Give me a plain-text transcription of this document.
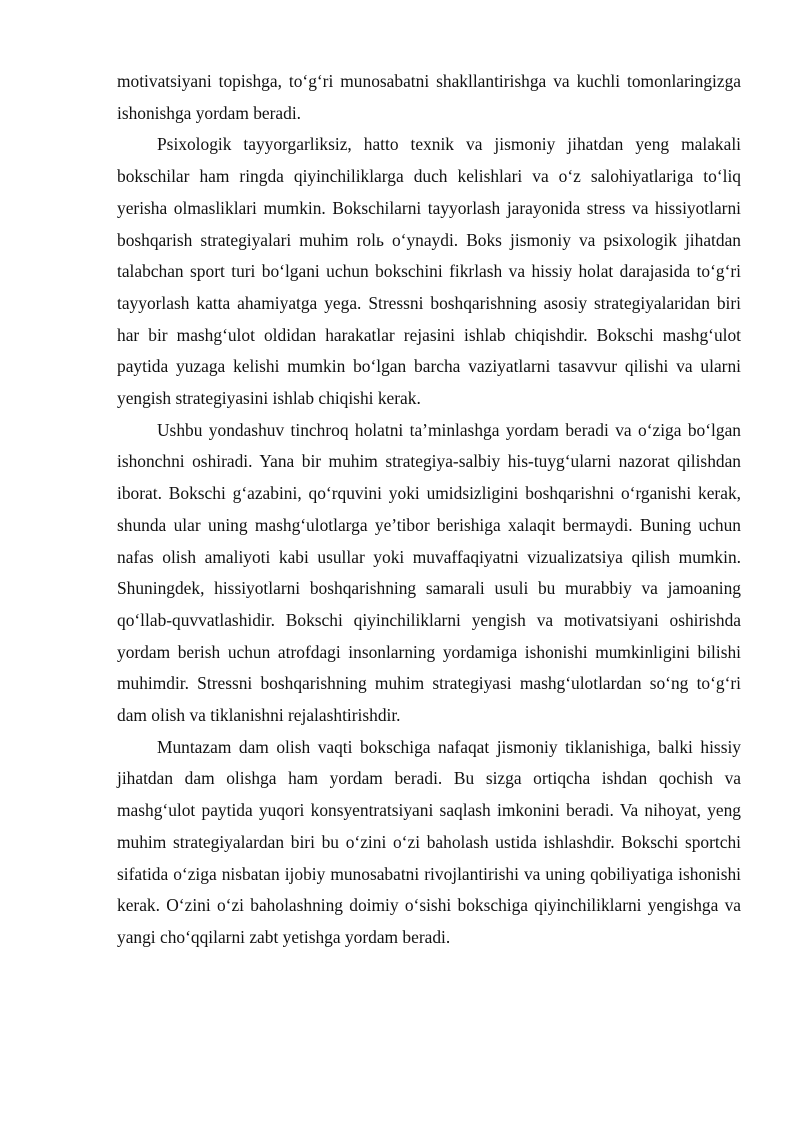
motivatsiyani topishga, to‘g‘ri munosabatni shakllantirishga va kuchli tomonlaringizga ishonishga yordam beradi.

Psixologik tayyorgarliksiz, hatto texnik va jismoniy jihatdan yeng malakali bokschilar ham ringda qiyinchiliklarga duch kelishlari va o‘z salohiyatlariga to‘liq yerisha olmasliklari mumkin. Bokschilarni tayyorlash jarayonida stress va hissiyotlarni boshqarish strategiyalari muhim rolь o‘ynaydi. Boks jismoniy va psixologik jihatdan talabchan sport turi bo‘lgani uchun bokschini fikrlash va hissiy holat darajasida to‘g‘ri tayyorlash katta ahamiyatga yega. Stressni boshqarishning asosiy strategiyalaridan biri har bir mashg‘ulot oldidan harakatlar rejasini ishlab chiqishdir. Bokschi mashg‘ulot paytida yuzaga kelishi mumkin bo‘lgan barcha vaziyatlarni tasavvur qilishi va ularni yengish strategiyasini ishlab chiqishi kerak.

Ushbu yondashuv tinchroq holatni ta’minlashga yordam beradi va o‘ziga bo‘lgan ishonchni oshiradi. Yana bir muhim strategiya-salbiy his-tuyg‘ularni nazorat qilishdan iborat. Bokschi g‘azabini, qo‘rquvini yoki umidsizligini boshqarishni o‘rganishi kerak, shunda ular uning mashg‘ulotlarga ye’tibor berishiga xalaqit bermaydi. Buning uchun nafas olish amaliyoti kabi usullar yoki muvaffaqiyatni vizualizatsiya qilish mumkin. Shuningdek, hissiyotlarni boshqarishning samarali usuli bu murabbiy va jamoaning qo‘llab-quvvatlashidir. Bokschi qiyinchiliklarni yengish va motivatsiyani oshirishda yordam berish uchun atrofdagi insonlarning yordamiga ishonishi mumkinligini bilishi muhimdir. Stressni boshqarishning muhim strategiyasi mashg‘ulotlardan so‘ng to‘g‘ri dam olish va tiklanishni rejalashtirishdir.

Muntazam dam olish vaqti bokschiga nafaqat jismoniy tiklanishiga, balki hissiy jihatdan dam olishga ham yordam beradi. Bu sizga ortiqcha ishdan qochish va mashg‘ulot paytida yuqori konsyentratsiyani saqlash imkonini beradi. Va nihoyat, yeng muhim strategiyalardan biri bu o‘zini o‘zi baholash ustida ishlashdir. Bokschi sportchi sifatida o‘ziga nisbatan ijobiy munosabatni rivojlantirishi va uning qobiliyatiga ishonishi kerak. O‘zini o‘zi baholashning doimiy o‘sishi bokschiga qiyinchiliklarni yengishga va yangi cho‘qqilarni zabt yetishga yordam beradi.
